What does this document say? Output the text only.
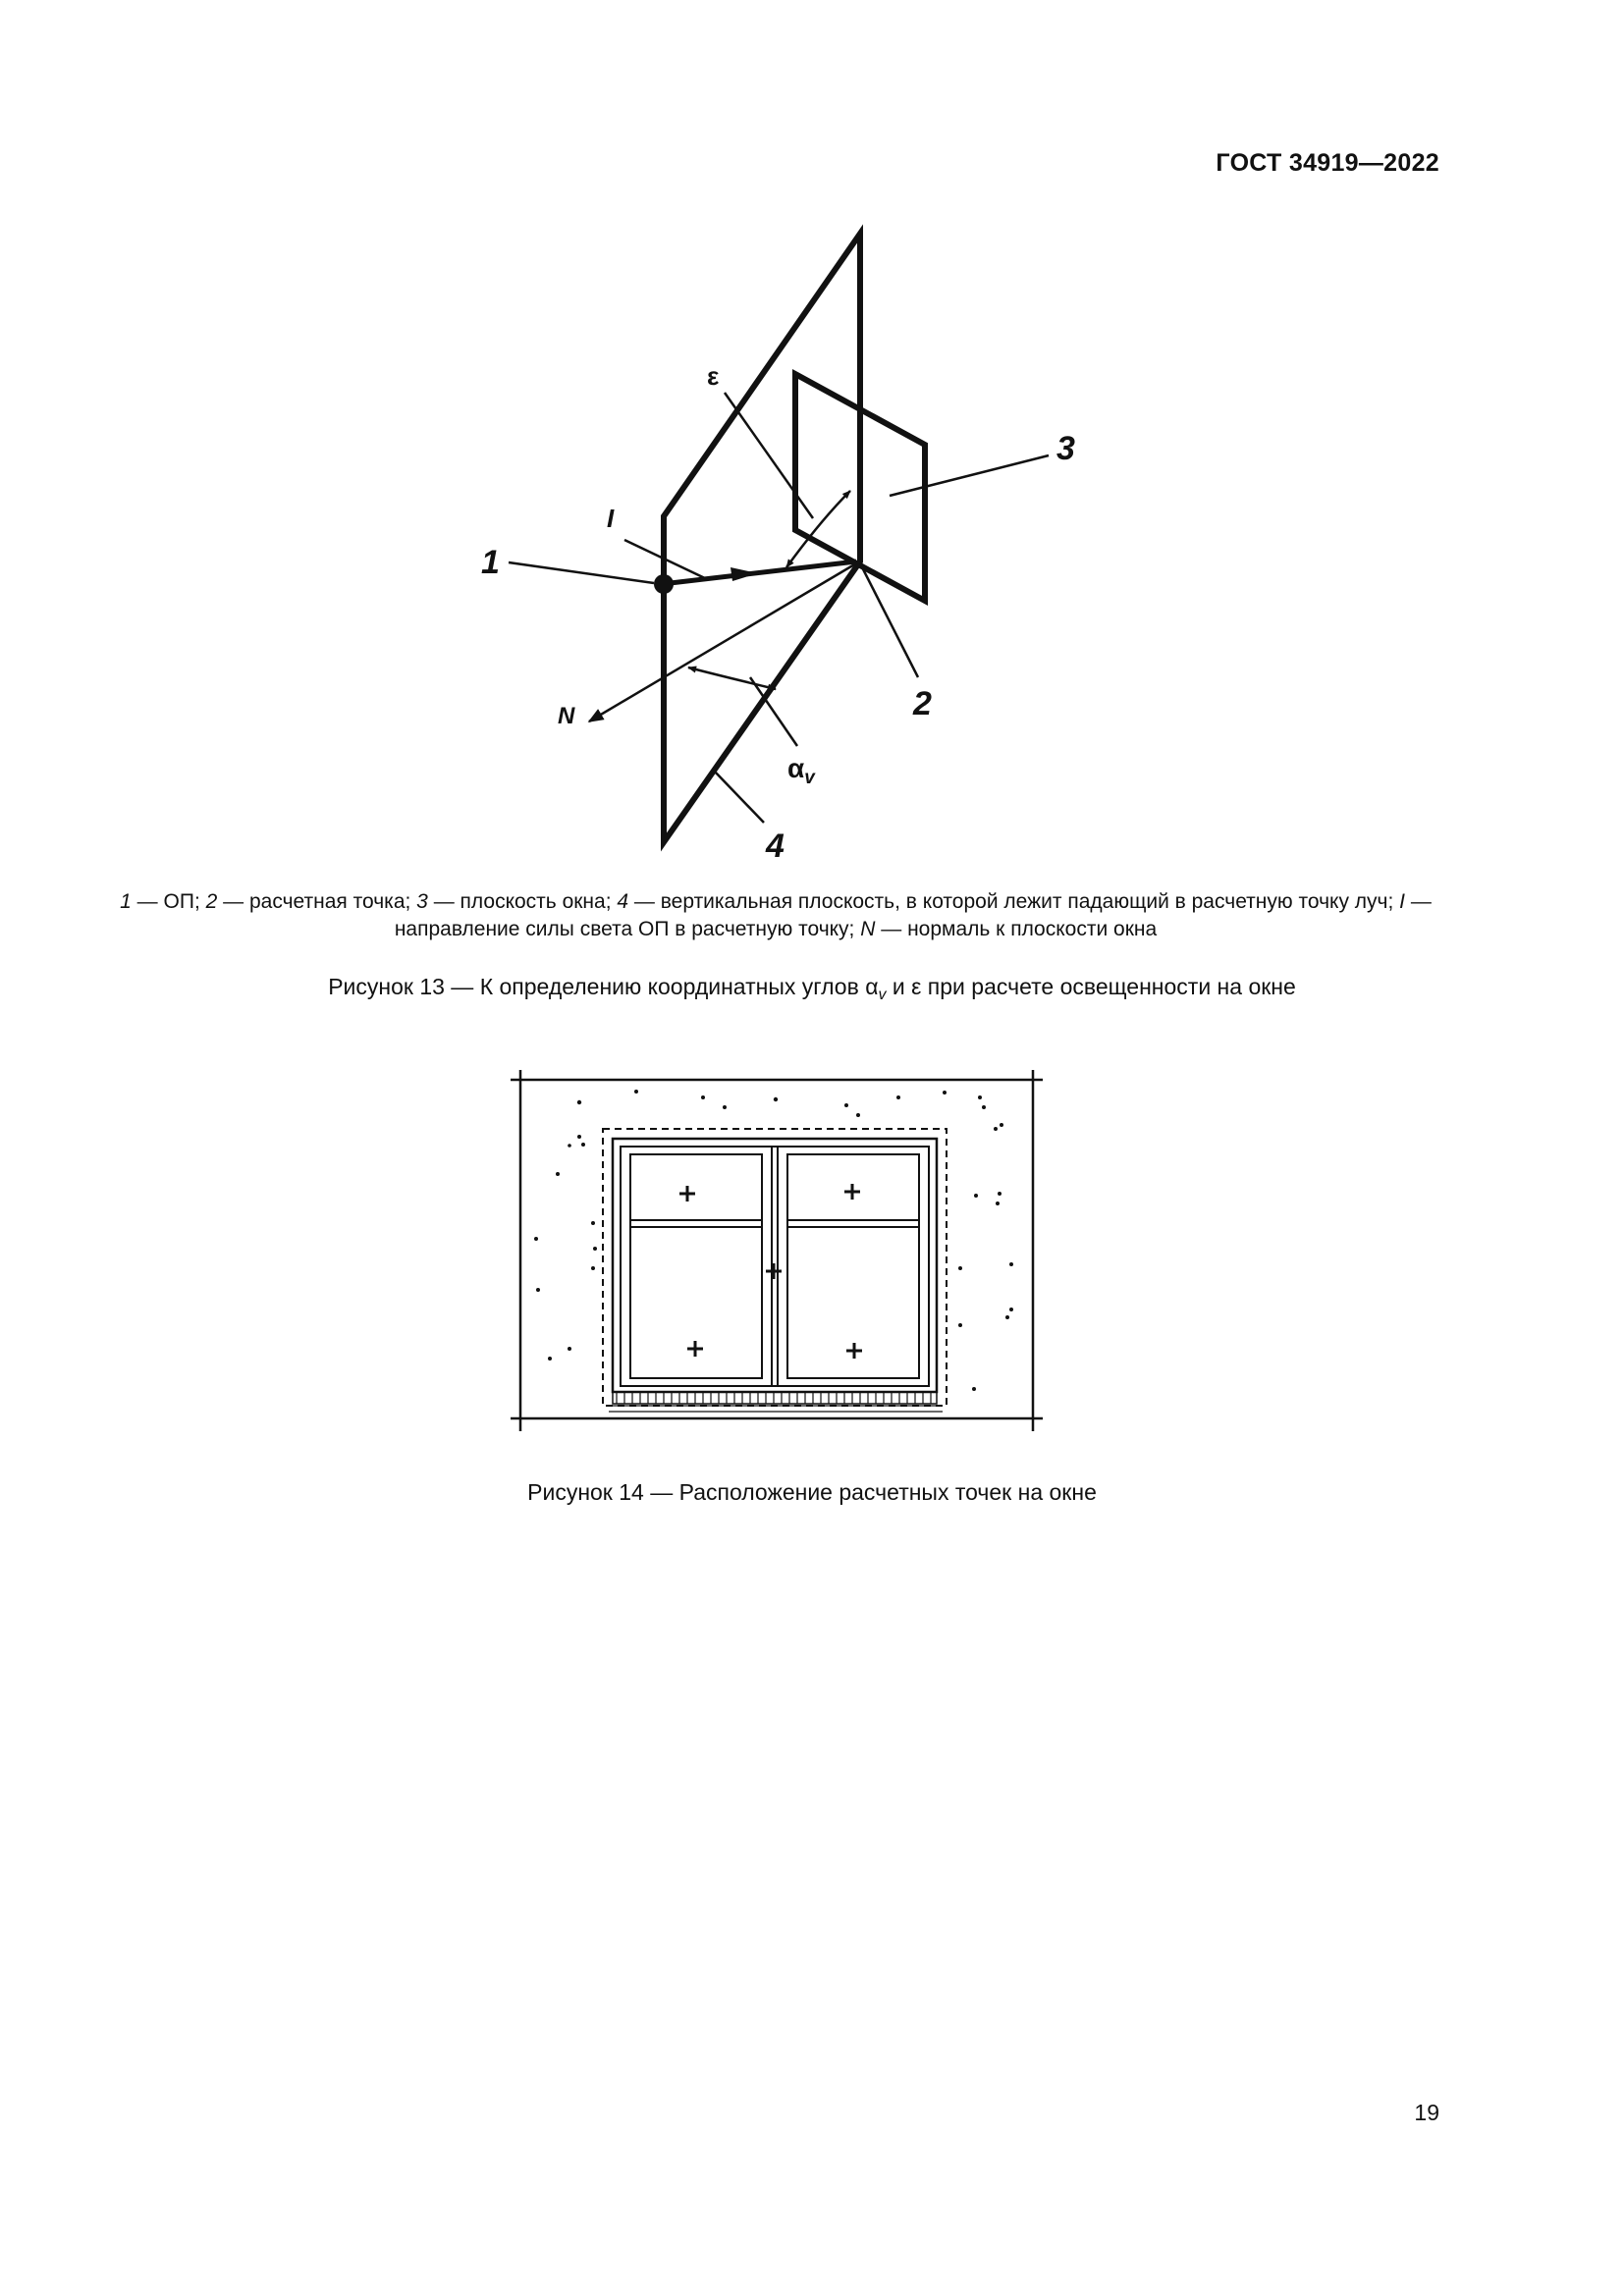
ГОСТ 34919—2022
1
I
ε
3
2
$\alpha_v$
N
4
1 — ОП; 2 — расчетная точка; 3 — плоскость окна; 4 — вертикальная плоскость, в которой лежит падающий в расчетную точку луч; I — направление силы света ОП в расчетную точку; N — нормаль к плоскости окна
Рисунок 13 — К определению координатных углов $\alpha_v$ и ε при расчете освещенности на окне
Рисунок 14 — Расположение расчетных точек на окне
19
